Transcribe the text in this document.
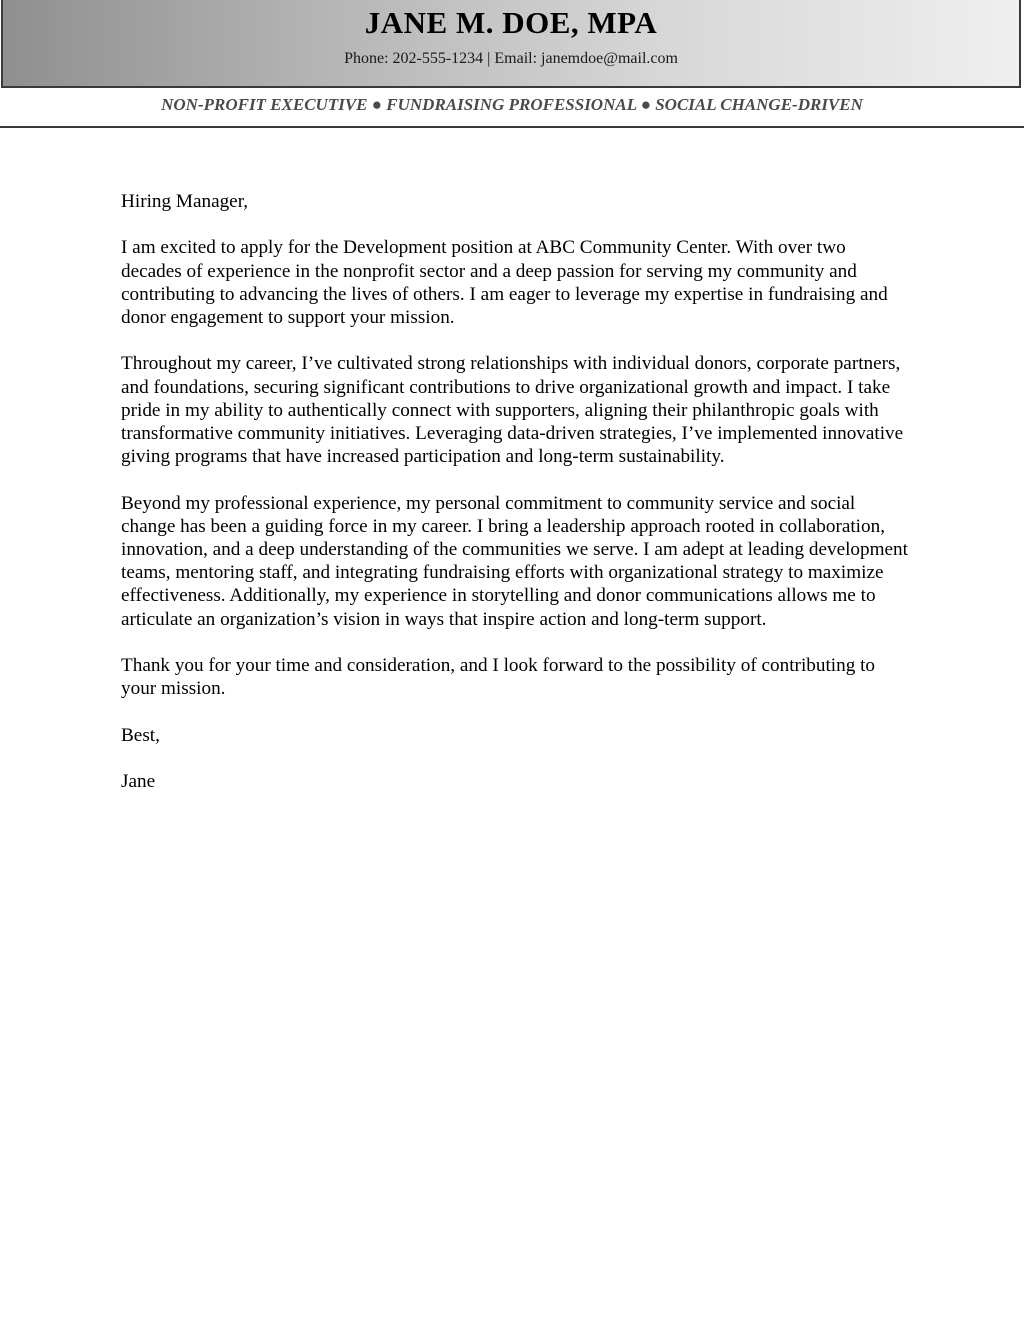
JANE M. DOE, MPA
Phone: 202-555-1234 | Email: janemdoe@mail.com
NON-PROFIT EXECUTIVE ● FUNDRAISING PROFESSIONAL ● SOCIAL CHANGE-DRIVEN

Hiring Manager,

I am excited to apply for the Development position at ABC Community Center. With over two decades of experience in the nonprofit sector and a deep passion for serving my community and contributing to advancing the lives of others. I am eager to leverage my expertise in fundraising and donor engagement to support your mission.

Throughout my career, I’ve cultivated strong relationships with individual donors, corporate partners, and foundations, securing significant contributions to drive organizational growth and impact. I take pride in my ability to authentically connect with supporters, aligning their philanthropic goals with transformative community initiatives. Leveraging data-driven strategies, I’ve implemented innovative giving programs that have increased participation and long-term sustainability.

Beyond my professional experience, my personal commitment to community service and social change has been a guiding force in my career. I bring a leadership approach rooted in collaboration, innovation, and a deep understanding of the communities we serve. I am adept at leading development teams, mentoring staff, and integrating fundraising efforts with organizational strategy to maximize effectiveness. Additionally, my experience in storytelling and donor communications allows me to articulate an organization’s vision in ways that inspire action and long-term support.

Thank you for your time and consideration, and I look forward to the possibility of contributing to your mission.

Best,

Jane
